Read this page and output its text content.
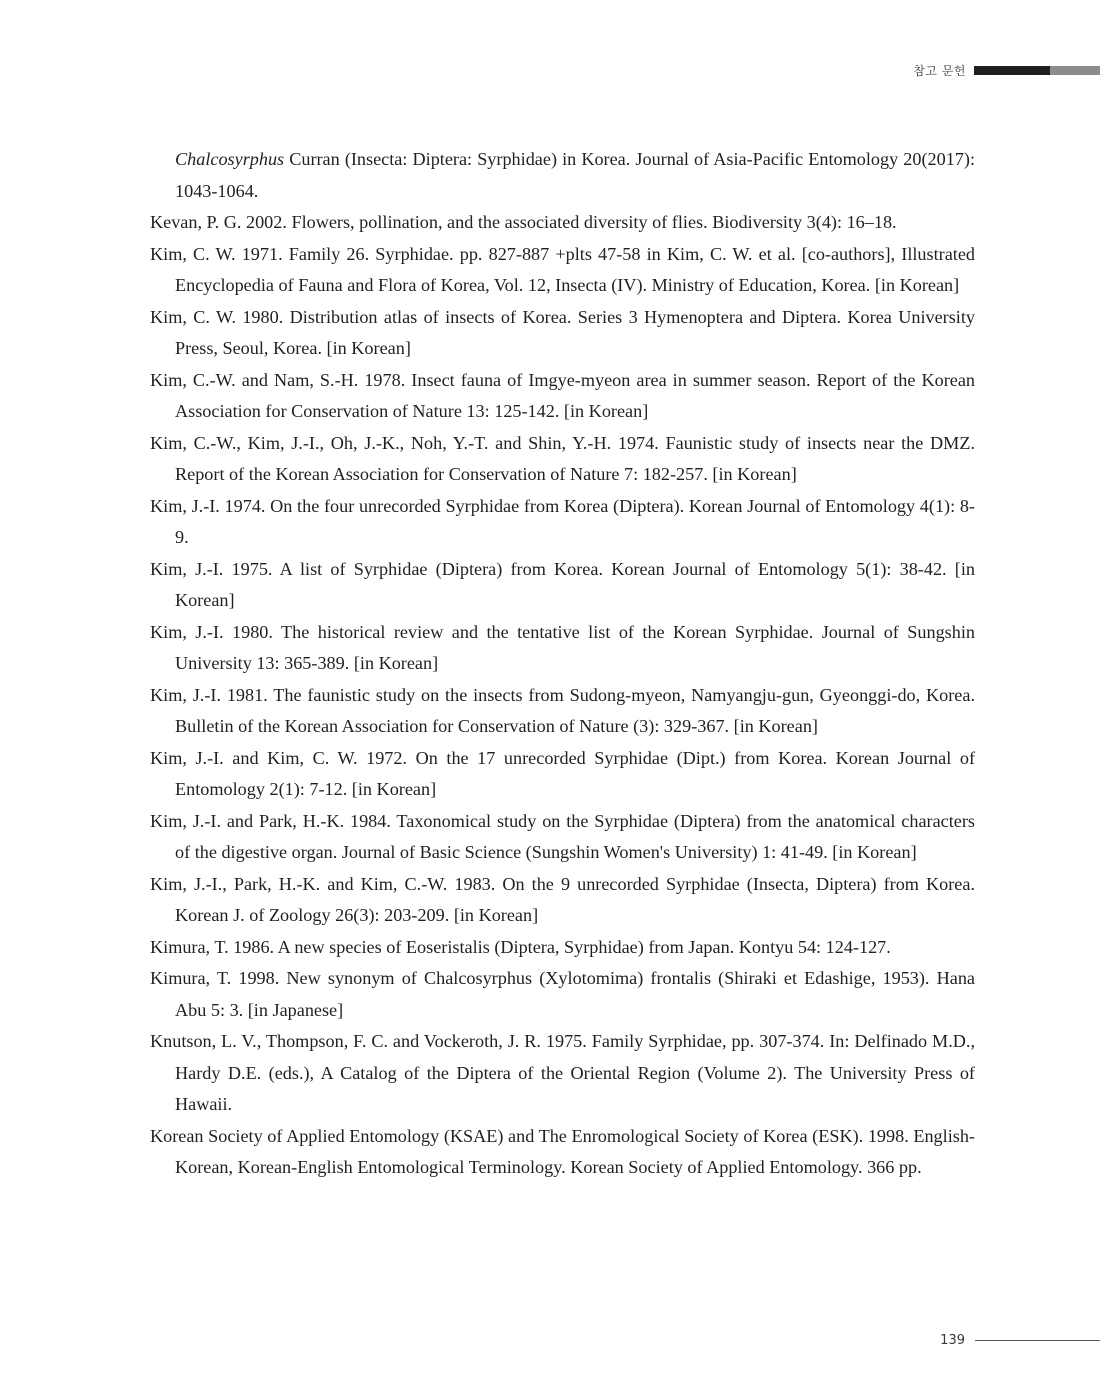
참고 문헌
Chalcosyrphus Curran (Insecta: Diptera: Syrphidae) in Korea. Journal of Asia-Pacific Entomology 20(2017): 1043-1064.
Kevan, P. G. 2002. Flowers, pollination, and the associated diversity of flies. Biodiversity 3(4): 16–18.
Kim, C. W. 1971. Family 26. Syrphidae. pp. 827-887 +plts 47-58 in Kim, C. W. et al. [co-authors], Illustrated Encyclopedia of Fauna and Flora of Korea, Vol. 12, Insecta (IV). Ministry of Education, Korea. [in Korean]
Kim, C. W. 1980. Distribution atlas of insects of Korea. Series 3 Hymenoptera and Diptera. Korea University Press, Seoul, Korea. [in Korean]
Kim, C.-W. and Nam, S.-H. 1978. Insect fauna of Imgye-myeon area in summer season. Report of the Korean Association for Conservation of Nature 13: 125-142. [in Korean]
Kim, C.-W., Kim, J.-I., Oh, J.-K., Noh, Y.-T. and Shin, Y.-H. 1974. Faunistic study of insects near the DMZ. Report of the Korean Association for Conservation of Nature 7: 182-257. [in Korean]
Kim, J.-I. 1974. On the four unrecorded Syrphidae from Korea (Diptera). Korean Journal of Entomology 4(1): 8-9.
Kim, J.-I. 1975. A list of Syrphidae (Diptera) from Korea. Korean Journal of Entomology 5(1): 38-42. [in Korean]
Kim, J.-I. 1980. The historical review and the tentative list of the Korean Syrphidae. Journal of Sungshin University 13: 365-389. [in Korean]
Kim, J.-I. 1981. The faunistic study on the insects from Sudong-myeon, Namyangju-gun, Gyeonggi-do, Korea. Bulletin of the Korean Association for Conservation of Nature (3): 329-367. [in Korean]
Kim, J.-I. and Kim, C. W. 1972. On the 17 unrecorded Syrphidae (Dipt.) from Korea. Korean Journal of Entomology 2(1): 7-12. [in Korean]
Kim, J.-I. and Park, H.-K. 1984. Taxonomical study on the Syrphidae (Diptera) from the anatomical characters of the digestive organ. Journal of Basic Science (Sungshin Women's University) 1: 41-49. [in Korean]
Kim, J.-I., Park, H.-K. and Kim, C.-W. 1983. On the 9 unrecorded Syrphidae (Insecta, Diptera) from Korea. Korean J. of Zoology 26(3): 203-209. [in Korean]
Kimura, T. 1986. A new species of Eoseristalis (Diptera, Syrphidae) from Japan. Kontyu 54: 124-127.
Kimura, T. 1998. New synonym of Chalcosyrphus (Xylotomima) frontalis (Shiraki et Edashige, 1953). Hana Abu 5: 3. [in Japanese]
Knutson, L. V., Thompson, F. C. and Vockeroth, J. R. 1975. Family Syrphidae, pp. 307-374. In: Delfinado M.D., Hardy D.E. (eds.), A Catalog of the Diptera of the Oriental Region (Volume 2). The University Press of Hawaii.
Korean Society of Applied Entomology (KSAE) and The Enromological Society of Korea (ESK). 1998. English-Korean, Korean-English Entomological Terminology. Korean Society of Applied Entomology. 366 pp.
139
